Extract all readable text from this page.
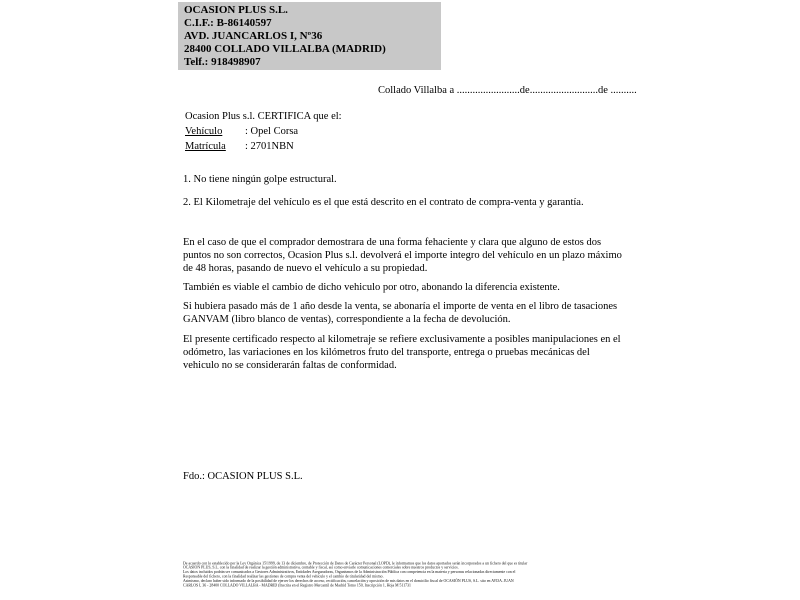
OCASION PLUS S.L.
C.I.F.: B-86140597
AVD. JUANCARLOS I, Nº36
28400 COLLADO VILLALBA (MADRID)
Telf.: 918498907
Collado Villalba a ........................de..........................de ..........
Ocasion Plus s.l. CERTIFICA que el:
Vehículo : Opel Corsa
Matrícula : 2701NBN
1. No tiene ningún golpe estructural.
2. El Kilometraje del vehículo es el que está descrito en el contrato de compra-venta y garantía.
En el caso de que el comprador demostrara de una forma fehaciente y clara que alguno de estos dos puntos no son correctos, Ocasion Plus s.l. devolverá el importe integro del vehículo en un plazo máximo de 48 horas, pasando de nuevo el vehículo a su propiedad.
También es viable el cambio de dicho vehiculo por otro, abonando la diferencia existente.
Si hubiera pasado más de 1 año desde la venta, se abonaría el importe de venta en el libro de tasaciones GANVAM (libro blanco de ventas), correspondiente a la fecha de devolución.
El presente certificado respecto al kilometraje se refiere exclusivamente a posibles manipulaciones en el odómetro, las variaciones en los kilómetros fruto del transporte, entrega o pruebas mecánicas del vehiculo no se considerarán faltas de conformidad.
Fdo.: OCASION PLUS S.L.
De acuerdo con lo establecido por la Ley Orgánica 15/1999, de 13 de diciembre, de Protección de Datos de Carácter Personal (LOPD), le informamos que los datos aportados serán incorporados a un fichero del que es titular
OCASION PLUS, S.L. con la finalidad de realizar la gestión administrativa, contable y fiscal, así como enviarle comunicaciones comerciales sobre nuestros productos y servicios.
Los datos incluidos podrán ser comunicados a Gestores Administrativos, Entidades Aseguradoras, Organismos de la Administración Pública con competencia en la materia y personas relacionadas directamente con el
Responsable del fichero, con la finalidad realizar las gestiones de compra venta del vehículo y el cambio de titularidad del mismo.
Asimismo, declaro haber sido informado de la posibilidad de ejercer los derechos de acceso, rectificación, cancelación y oposición de mis datos en el domicilio fiscal de OCASIÓN PLUS, S.L. sito en AVDA. JUAN
CARLOS I, 36 - 28400 COLLADO VILLALBA - MADRID (Inscrita en el Registro Mercantil de Madrid Tomo 150, Inscripción 1, Hoja M 511731
